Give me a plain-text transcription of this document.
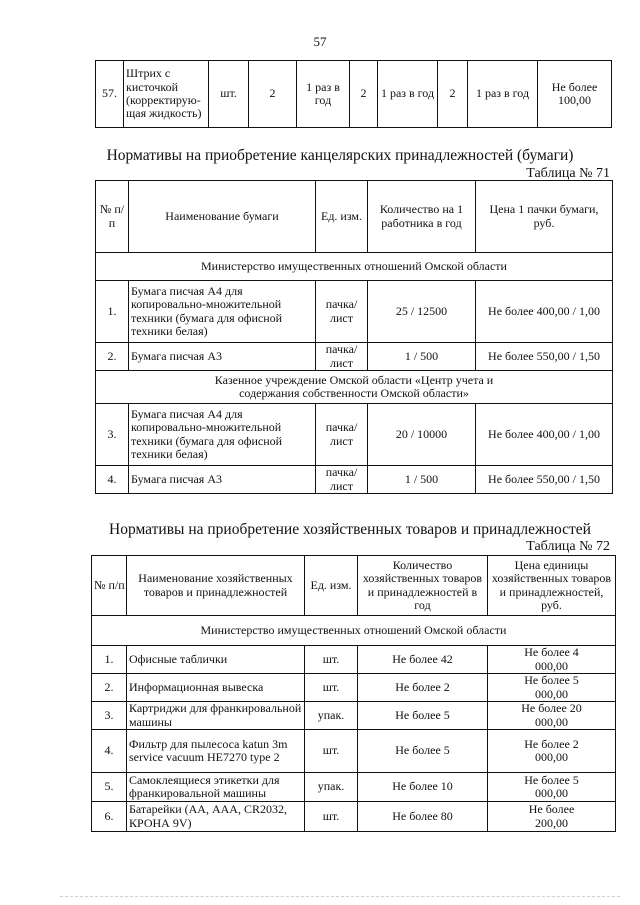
57
57.	Штрих с кисточкой (корректирую-щая жидкость)	шт.	2	1 раз в год	2	1 раз в год	2	1 раз в год	Не более 100,00
Нормативы на приобретение канцелярских принадлежностей (бумаги)
Таблица № 71
№ п/п	Наименование бумаги	Ед. изм.	Количество на 1 работника в год	Цена 1 пачки бумаги, руб.
Министерство имущественных отношений Омской области				
1.	Бумага писчая А4 для копировально-множительной техники (бумага для офисной техники белая)	пачка/ лист	25 / 12500	Не более 400,00 / 1,00
2.	Бумага писчая А3	пачка/ лист	1 / 500	Не более 550,00 / 1,50

Казенное учреждение Омской области «Центр учета и содержания собственности Омской области»				

3.	Бумага писчая А4 для копировально-множительной техники (бумага для офисной техники белая)	пачка/ лист	20 / 10000	Не более 400,00 / 1,00
4.	Бумага писчая А3	пачка/ лист	1 / 500	Не более 550,00 / 1,50
Нормативы на приобретение хозяйственных товаров и принадлежностей
Таблица № 72
№ п/п	Наименование хозяйственных товаров и принадлежностей	Ед. изм.	Количество хозяйственных товаров и принадлежностей в год	Цена единицы хозяйственных товаров и принадлежностей, руб.
Министерство имущественных отношений Омской области				
1.	Офисные таблички	шт.	Не более 42	Не более 4 000,00

2.	Информационная вывеска	шт.	Не более 2	Не более 5 000,00

3.	Картриджи для франкировальной машины	упак.	Не более 5	Не более 20 000,00

4.	Фильтр для пылесоса katun 3m service vacuum HE7270 type 2	шт.	Не более 5	Не более 2 000,00

5.	Самоклеящиеся этикетки для франкировальной машины	упак.	Не более 10	Не более 5 000,00

6.	Батарейки (АА, ААА, CR2032, КРОНА 9V)	шт.	Не более 80	Не более 200,00
